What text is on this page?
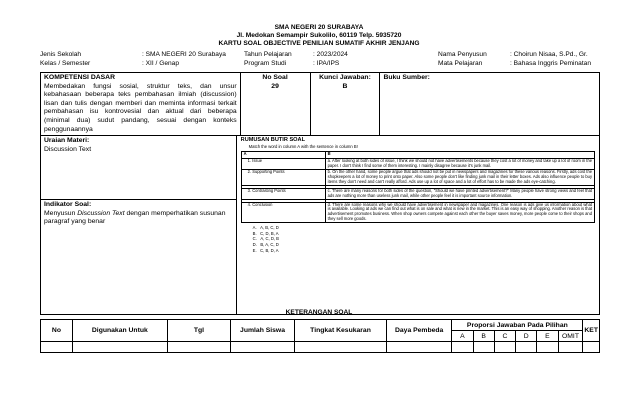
SMA NEGERI 20 SURABAYA
Jl. Medokan Semampir Sukolilo, 60119 Telp. 5935720
KARTU SOAL OBJECTIVE PENILIAN SUMATIF AKHIR JENJANG
Jenis Sekolah	: SMA NEGERI 20 Surabaya
Kelas / Semester	: XII / Genap
Tahun Pelajaran	: 2023/2024
Program Studi	: IPA/IPS
Nama Penyusun	: Choirun Nisaa, S.Pd., Gr.
Mata Pelajaran	: Bahasa Inggris Peminatan
KOMPETENSI DASAR
Membedakan fungsi sosial, struktur teks, dan unsur kebahasaan beberapa teks pembahasan ilmiah (discussion) lisan dan tulis dengan memberi dan meminta informasi terkait pembahasan isu kontrovesial dan aktual dari beberapa (minimal dua) sudut pandang, sesuai dengan konteks penggunaannya

No Soal
29

Kunci Jawaban:
B

Buku Sumber:

Uraian Materi:
Discussion Text

RUMUSAN BUTIR SOAL
Match the word in column A with the sentence in column B!
A	B
1. Issue	a. After looking at both sides of issue, I think we should not have advertisements because they cost a lot of money and take up a lot of room in the paper. I don't think I find some of them interesting. I mainly disagree because it's junk mail.
2. Supporting Points	b. On the other hand, some people argue that ads should not be put in newspapers and magazines for these various reasons. Firstly, ads cost the shopkeepers a lot of money to print onto paper. Also some people don't like finding junk mail in their letter boxes. Ads also influence people to buy items they don't need and can't really afford. Ads use up a lot of space and a lot of effort has to be made the ads eye-catching.

3. Contrasting Points	c. There are many reasons for both sides of the question, "Should we have printed advertisement?" Many people have strong views and feel that ads are nothing more than useless junk mail, while other people feel it is important source information.

4. Conclusion	d. There are some reasons why we should have advertisement in newspaper and magazines. One reason is ads give us information about what is available. Looking at ads we can find out what is on sale and what is new in the market. This is an easy way of shopping. Another reason is that advertisement promotes business. When shop owners compete against each other the buyer saves money, more people come to their shops and they sell more goods.
A. A, B, C, D
B. C, D, B, A
C. A, C, D, B
D. B, A, C, D
E. C, B, D, A

Indikator Soal:
Menyusun Discussion Text dengan memperhatikan susunan paragraf yang benar
KETERANGAN SOAL
No	Digunakan Untuk	Tgl	Jumlah Siswa	Tingkat Kesukaran	Daya Pembeda	Proporsi Jawaban Pada Pilihan						KET
						A	B	C	D	E	OMIT	
